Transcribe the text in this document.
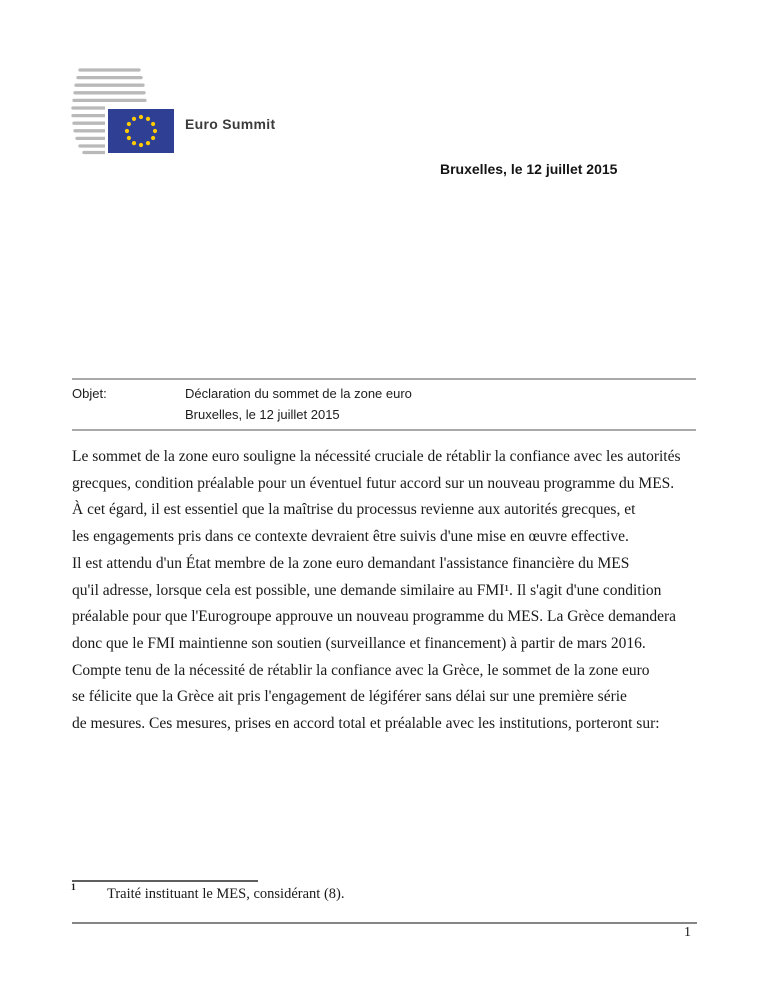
Euro Summit
Bruxelles, le 12 juillet 2015
Objet:	Déclaration du sommet de la zone euro
Bruxelles, le 12 juillet 2015
Le sommet de la zone euro souligne la nécessité cruciale de rétablir la confiance avec les autorités
grecques, condition préalable pour un éventuel futur accord sur un nouveau programme du MES.
À cet égard, il est essentiel que la maîtrise du processus revienne aux autorités grecques, et
les engagements pris dans ce contexte devraient être suivis d'une mise en œuvre effective.
Il est attendu d'un État membre de la zone euro demandant l'assistance financière du MES
qu'il adresse, lorsque cela est possible, une demande similaire au FMI¹. Il s'agit d'une condition
préalable pour que l'Eurogroupe approuve un nouveau programme du MES. La Grèce demandera
donc que le FMI maintienne son soutien (surveillance et financement) à partir de mars 2016.
Compte tenu de la nécessité de rétablir la confiance avec la Grèce, le sommet de la zone euro
se félicite que la Grèce ait pris l'engagement de légiférer sans délai sur une première série
de mesures. Ces mesures, prises en accord total et préalable avec les institutions, porteront sur:
1 Traité instituant le MES, considérant (8).
1
